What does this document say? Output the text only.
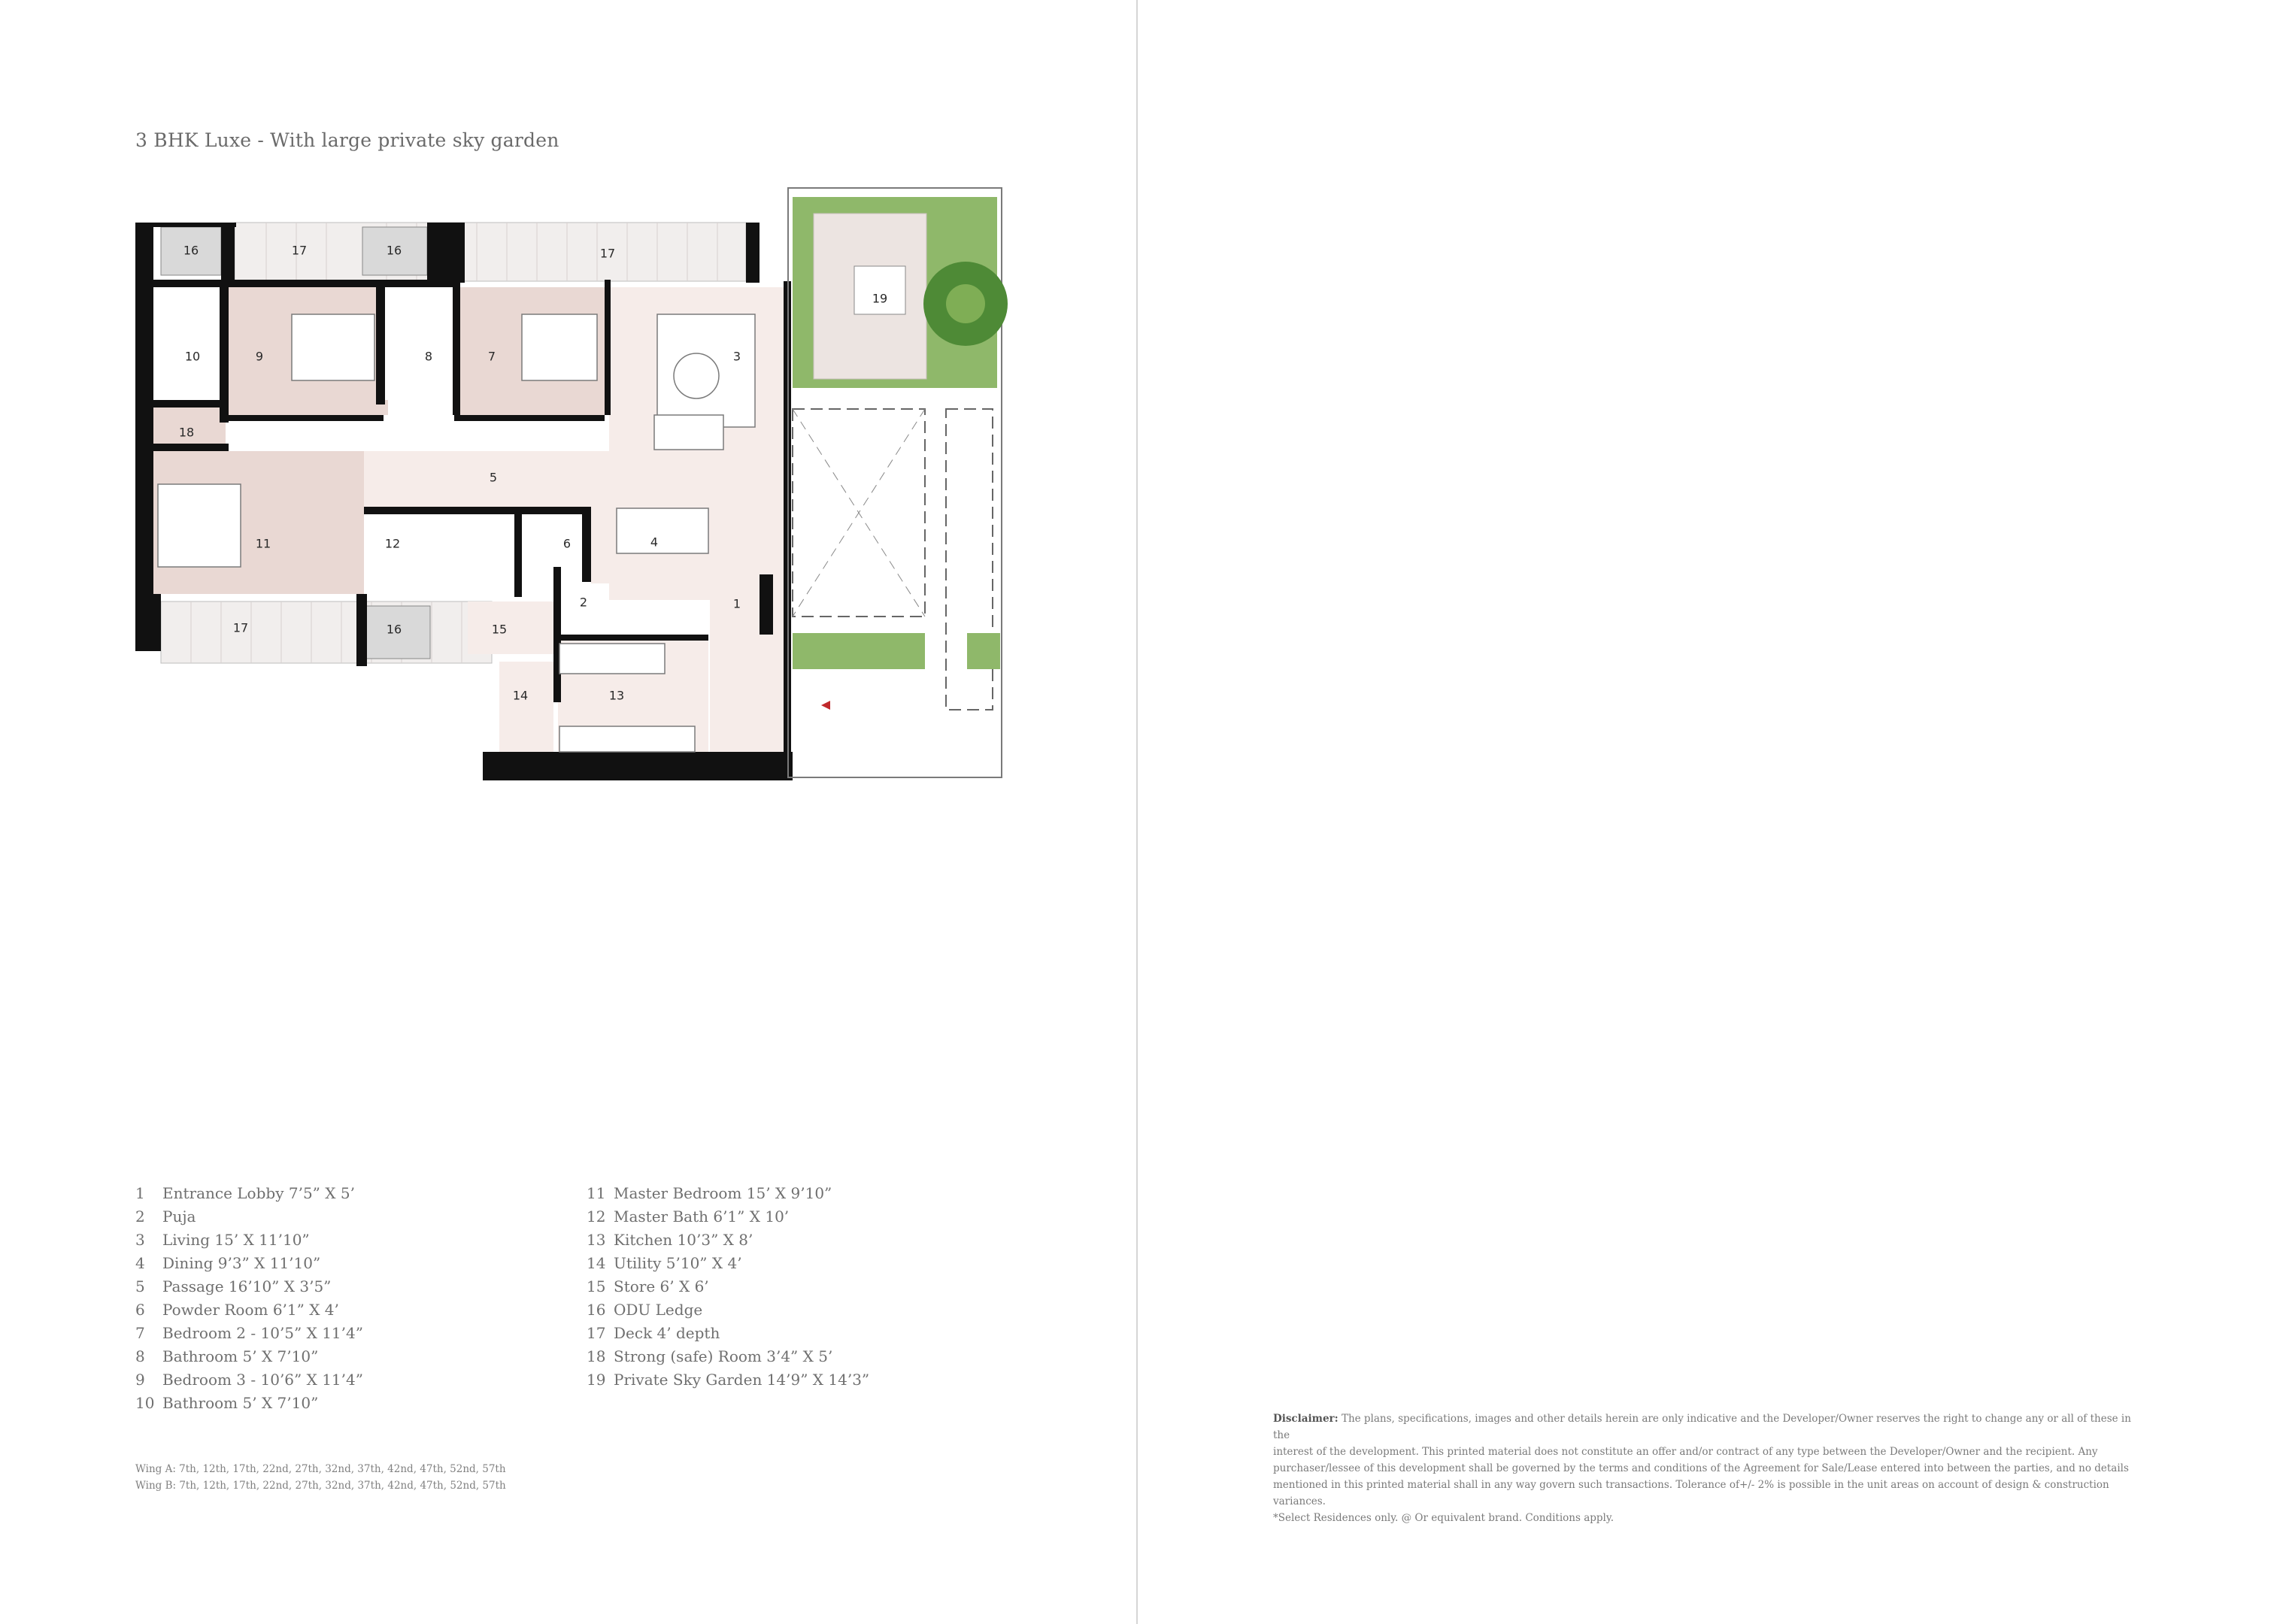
3 BHK Luxe - With large private sky garden
16	17	16	17
19
10	9	8	7	3
18
5
11	12	6	4
2	1
17	16	15
13
14
1	Entrance Lobby 7’5” X 5’
2	Puja
3	Living 15’ X 11’10”
4	Dining 9’3” X 11’10”
5	Passage 16’10” X 3’5”
6	Powder Room 6’1” X 4’
7	Bedroom 2 - 10’5” X 11’4”
8	Bathroom 5’ X 7’10”
9	Bedroom 3 - 10’6” X 11’4”
10 Bathroom 5’ X 7’10”
11 Master Bedroom 15’ X 9’10”
12 Master Bath 6’1” X 10’
13 Kitchen 10’3” X 8’
14 Utility 5’10” X 4’
15 Store 6’ X 6’
16 ODU Ledge
17 Deck 4’ depth
18 Strong (safe) Room 3’4” X 5’
19 Private Sky Garden 14’9” X 14’3”
Wing A: 7th, 12th, 17th, 22nd, 27th, 32nd, 37th, 42nd, 47th, 52nd, 57th
Wing B: 7th, 12th, 17th, 22nd, 27th, 32nd, 37th, 42nd, 47th, 52nd, 57th
Disclaimer: The plans, specifications, images and other details herein are only indicative and the Developer/Owner reserves the right to change any or all of these in the
interest of the development. This printed material does not constitute an offer and/or contract of any type between the Developer/Owner and the recipient. Any
purchaser/lessee of this development shall be governed by the terms and conditions of the Agreement for Sale/Lease entered into between the parties, and no details
mentioned in this printed material shall in any way govern such transactions. Tolerance of+/- 2% is possible in the unit areas on account of design & construction variances.
*Select Residences only. @ Or equivalent brand. Conditions apply.
